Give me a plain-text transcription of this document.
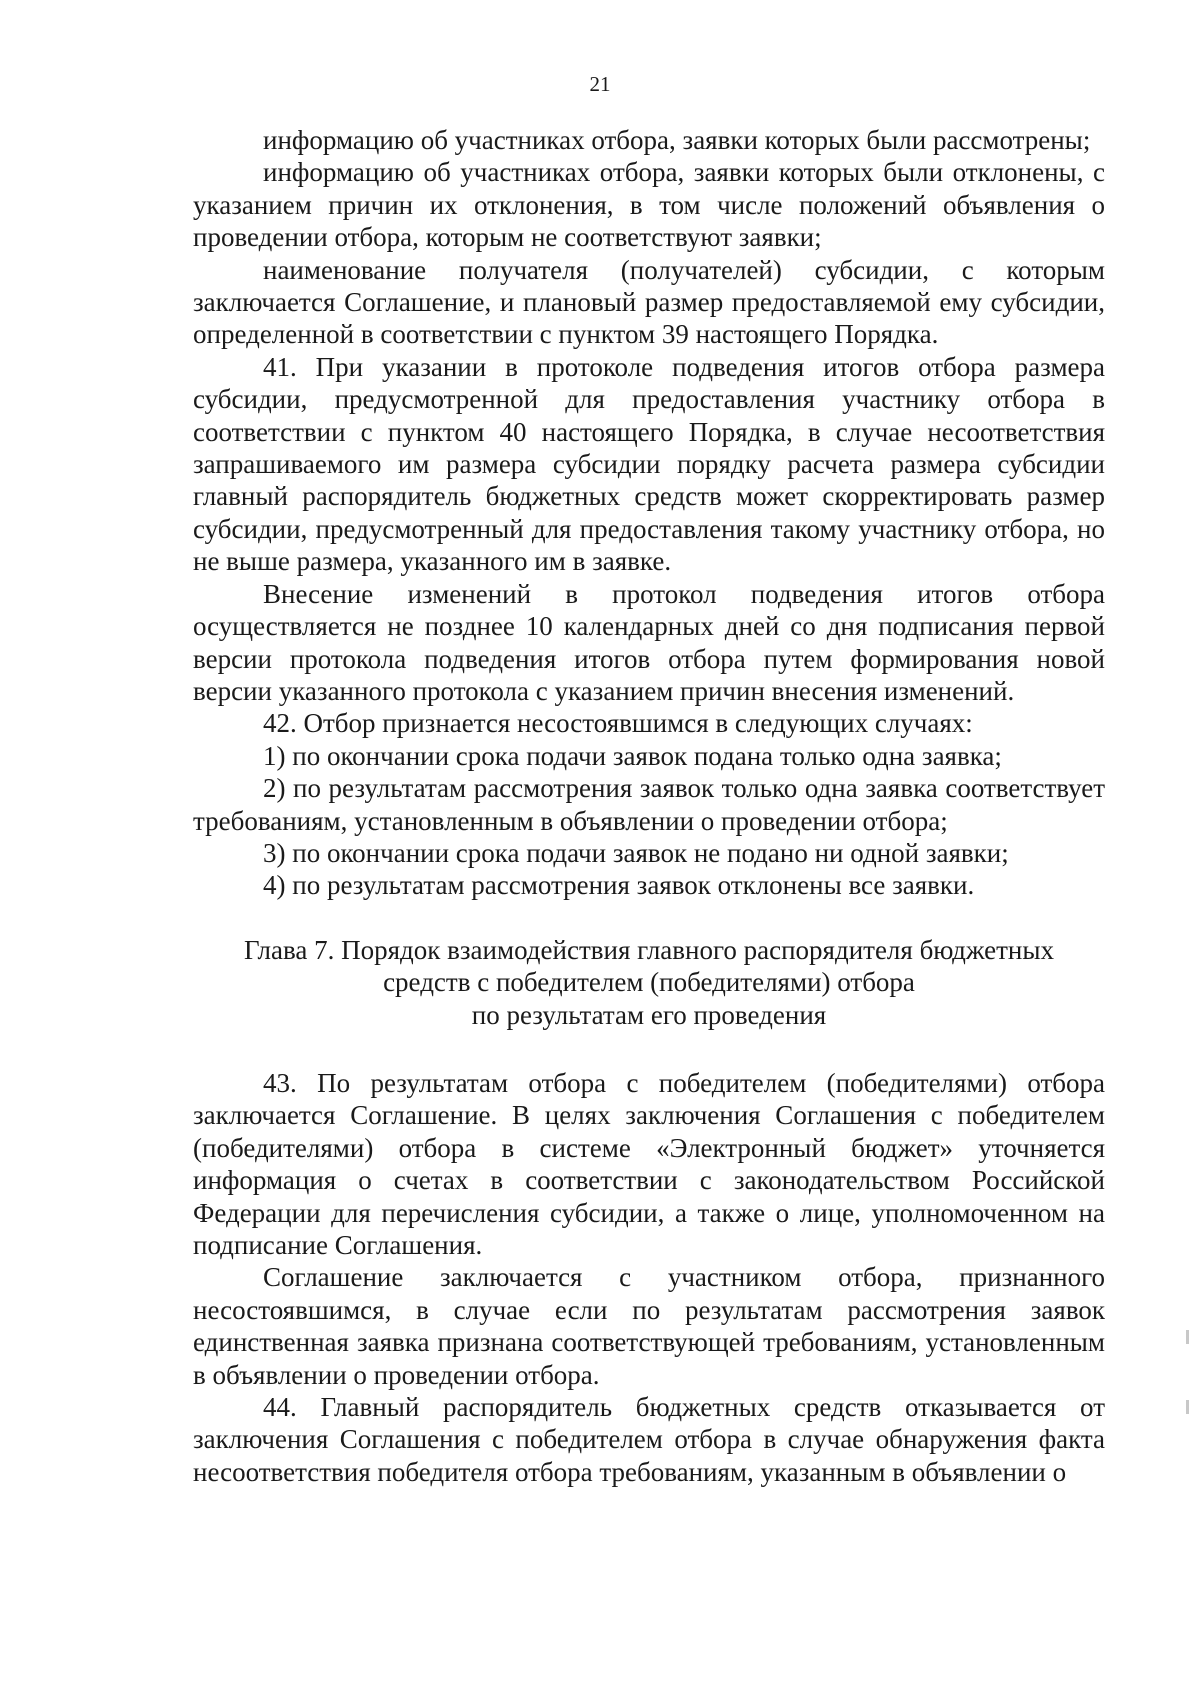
21

информацию об участниках отбора, заявки которых были рассмотрены;

информацию об участниках отбора, заявки которых были отклонены, с указанием причин их отклонения, в том числе положений объявления о проведении отбора, которым не соответствуют заявки;

наименование получателя (получателей) субсидии, с которым заключается Соглашение, и плановый размер предоставляемой ему субсидии, определенной в соответствии с пунктом 39 настоящего Порядка.

41. При указании в протоколе подведения итогов отбора размера субсидии, предусмотренной для предоставления участнику отбора в соответствии с пунктом 40 настоящего Порядка, в случае несоответствия запрашиваемого им размера субсидии порядку расчета размера субсидии главный распорядитель бюджетных средств может скорректировать размер субсидии, предусмотренный для предоставления такому участнику отбора, но не выше размера, указанного им в заявке.

Внесение изменений в протокол подведения итогов отбора осуществляется не позднее 10 календарных дней со дня подписания первой версии протокола подведения итогов отбора путем формирования новой версии указанного протокола с указанием причин внесения изменений.

42. Отбор признается несостоявшимся в следующих случаях:

1) по окончании срока подачи заявок подана только одна заявка;

2) по результатам рассмотрения заявок только одна заявка соответствует требованиям, установленным в объявлении о проведении отбора;

3) по окончании срока подачи заявок не подано ни одной заявки;

4) по результатам рассмотрения заявок отклонены все заявки.

Глава 7. Порядок взаимодействия главного распорядителя бюджетных
средств с победителем (победителями) отбора
по результатам его проведения

43. По результатам отбора с победителем (победителями) отбора заключается Соглашение. В целях заключения Соглашения с победителем (победителями) отбора в системе «Электронный бюджет» уточняется информация о счетах в соответствии с законодательством Российской Федерации для перечисления субсидии, а также о лице, уполномоченном на подписание Соглашения.

Соглашение заключается с участником отбора, признанного несостоявшимся, в случае если по результатам рассмотрения заявок единственная заявка признана соответствующей требованиям, установленным в объявлении о проведении отбора.

44. Главный распорядитель бюджетных средств отказывается от заключения Соглашения с победителем отбора в случае обнаружения факта несоответствия победителя отбора требованиям, указанным в объявлении о
